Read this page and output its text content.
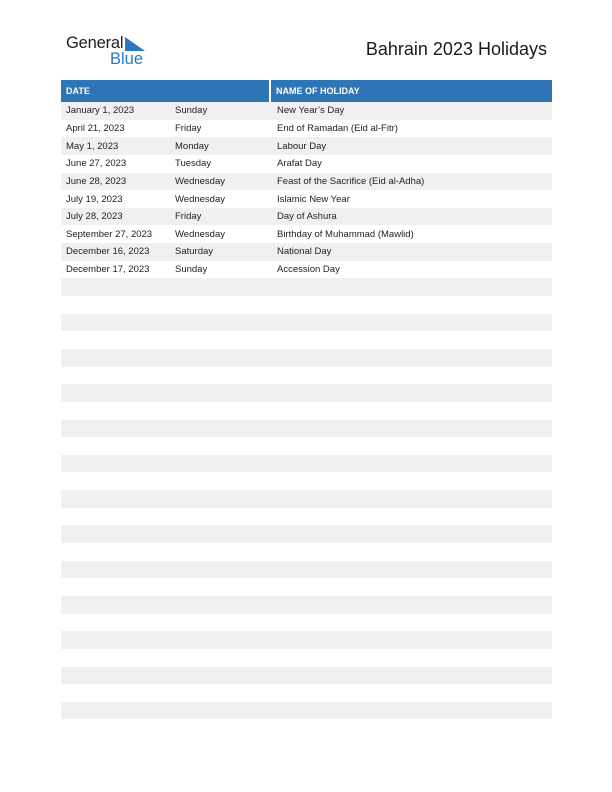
General
Blue	Bahrain 2023 Holidays
DATE	NAME OF HOLIDAY
January 1, 2023	Sunday	New Year’s Day
April 21, 2023	Friday	End of Ramadan (Eid al-Fitr)
May 1, 2023	Monday	Labour Day
June 27, 2023	Tuesday	Arafat Day
June 28, 2023	Wednesday	Feast of the Sacrifice (Eid al-Adha)
July 19, 2023	Wednesday	Islamic New Year
July 28, 2023	Friday	Day of Ashura
September 27, 2023	Wednesday	Birthday of Muhammad (Mawlid)
December 16, 2023	Saturday	National Day
December 17, 2023	Sunday	Accession Day
